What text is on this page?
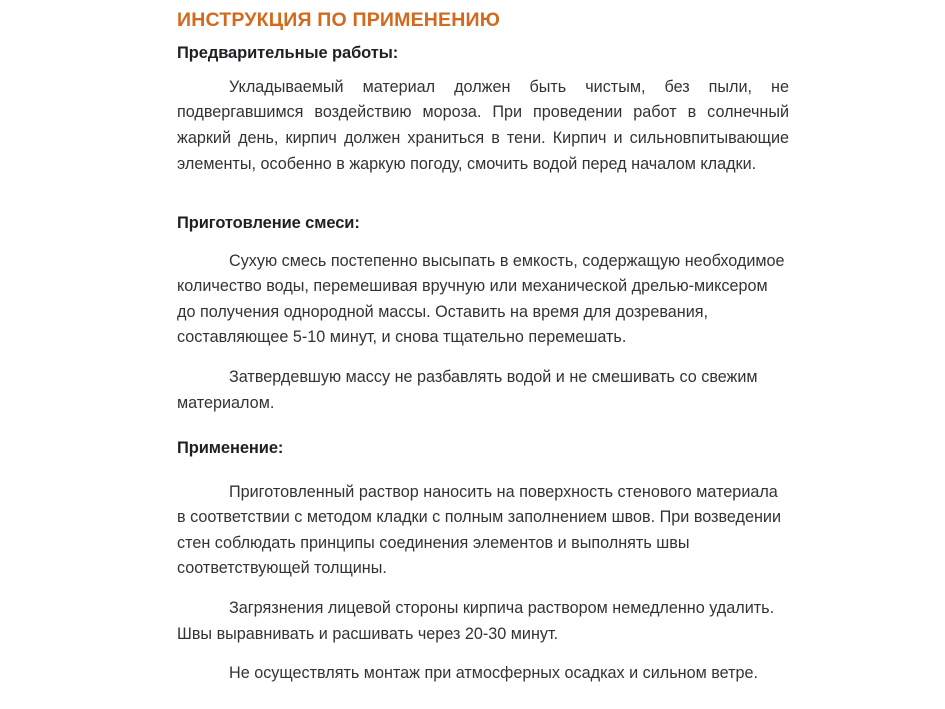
ИНСТРУКЦИЯ ПО ПРИМЕНЕНИЮ
Предварительные работы:

Укладываемый материал должен быть чистым, без пыли, не подвергавшимся воздействию мороза. При проведении работ в солнечный жаркий день, кирпич должен храниться в тени. Кирпич и сильновпитывающие элементы, особенно в жаркую погоду, смочить водой перед началом кладки.

Приготовление смеси:

Сухую смесь постепенно высыпать в емкость, содержащую необходимое количество воды, перемешивая вручную или механической дрелью-миксером до получения однородной массы. Оставить на время для дозревания, составляющее 5-10 минут, и снова тщательно перемешать.

Затвердевшую массу не разбавлять водой и не смешивать со свежим материалом.

Применение:

Приготовленный раствор наносить на поверхность стенового материала в соответствии с методом кладки с полным заполнением швов. При возведении стен соблюдать принципы соединения элементов и выполнять швы соответствующей толщины.

Загрязнения лицевой стороны кирпича раствором немедленно удалить. Швы выравнивать и расшивать через 20-30 минут.

Не осуществлять монтаж при атмосферных осадках и сильном ветре.
